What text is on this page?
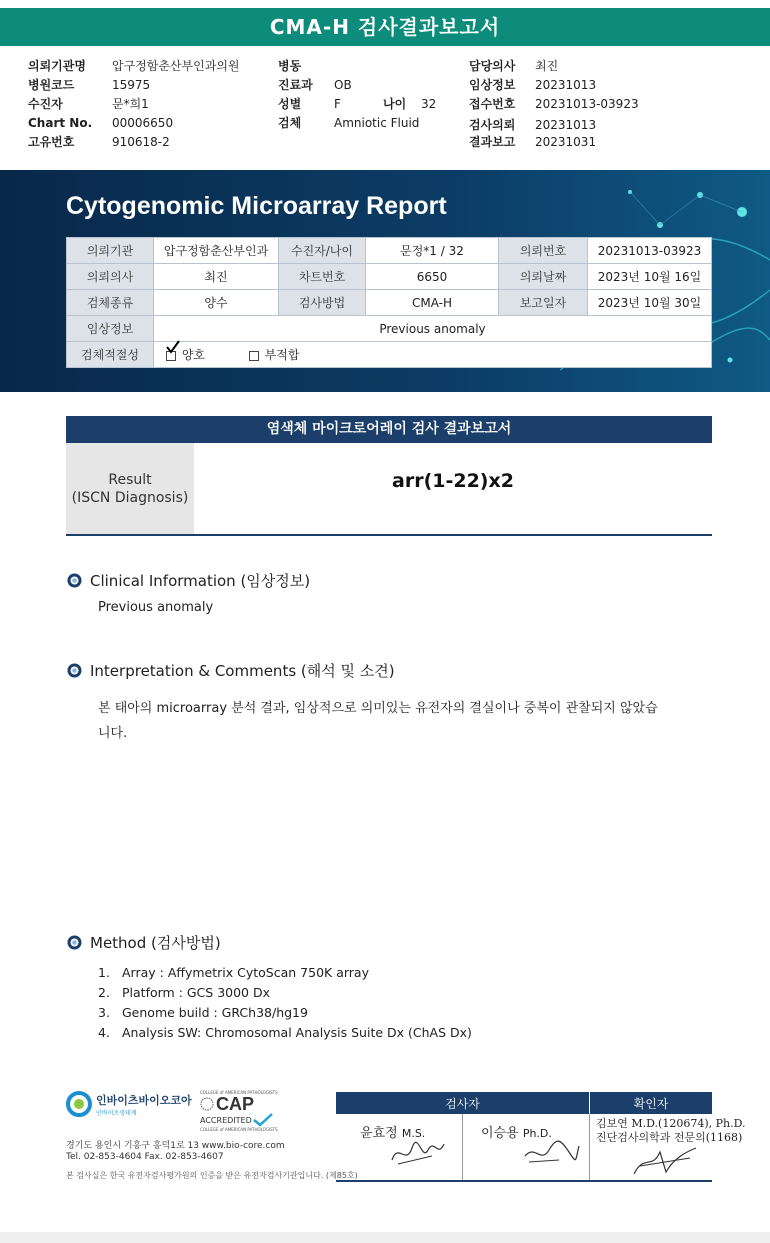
CMA-H 검사결과보고서
의뢰기관명 압구정함춘산부인과의원
병원코드	15975
수진자	문*희1
Chart No. 00006650
고유번호	910618-2
병동
진료과 OB
성별	F	나이 32
검체	Amniotic Fluid
담당의사 최진
임상정보 20231013
접수번호 20231013-03923
검사의뢰 20231013
결과보고 20231031
Cytogenomic Microarray Report
의뢰기관	압구정함춘산부인과	수진자/나이	문정*1 / 32	의뢰번호	20231013-03923
의뢰의사	최진	차트번호	6650	의뢰날짜	2023년 10월 16일
검체종류	양수	검사방법	CMA-H	보고일자	2023년 10월 30일
임상정보	Previous anomaly				
검체적절성	양호 부적합				
염색체 마이크로어레이 검사 결과보고서
Result
(ISCN Diagnosis)
arr(1-22)x2
Clinical Information (임상정보)
Previous anomaly
Interpretation & Comments (해석 및 소견)
본 태아의 microarray 분석 결과, 임상적으로 의미있는 유전자의 결실이나 중복이 관찰되지 않았습니다.
Method (검사방법)
1. Array : Affymetrix CytoScan 750K array
2. Platform : GCS 3000 Dx
3. Genome build : GRCh38/hg19
4. Analysis SW: Chromosomal Analysis Suite Dx (ChAS Dx)
인바이츠바이오코아
인바이츠생태계
COLLEGE of AMERICAN PATHOLOGISTS
CAP
ACCREDITED
COLLEGE of AMERICAN PATHOLOGISTS
경기도 용인시 기흥구 흥덕1로 13 www.bio-core.com
Tel. 02-853-4604 Fax. 02-853-4607
본 검사실은 한국 유전자검사평가원의 인증을 받은 유전자검사기관입니다. (제85호)
검사자		확인자

윤효정 M.S.	이승용 Ph.D.	김보연 M.D.(120674), Ph.D.
진단검사의학과 전문의(1168)
